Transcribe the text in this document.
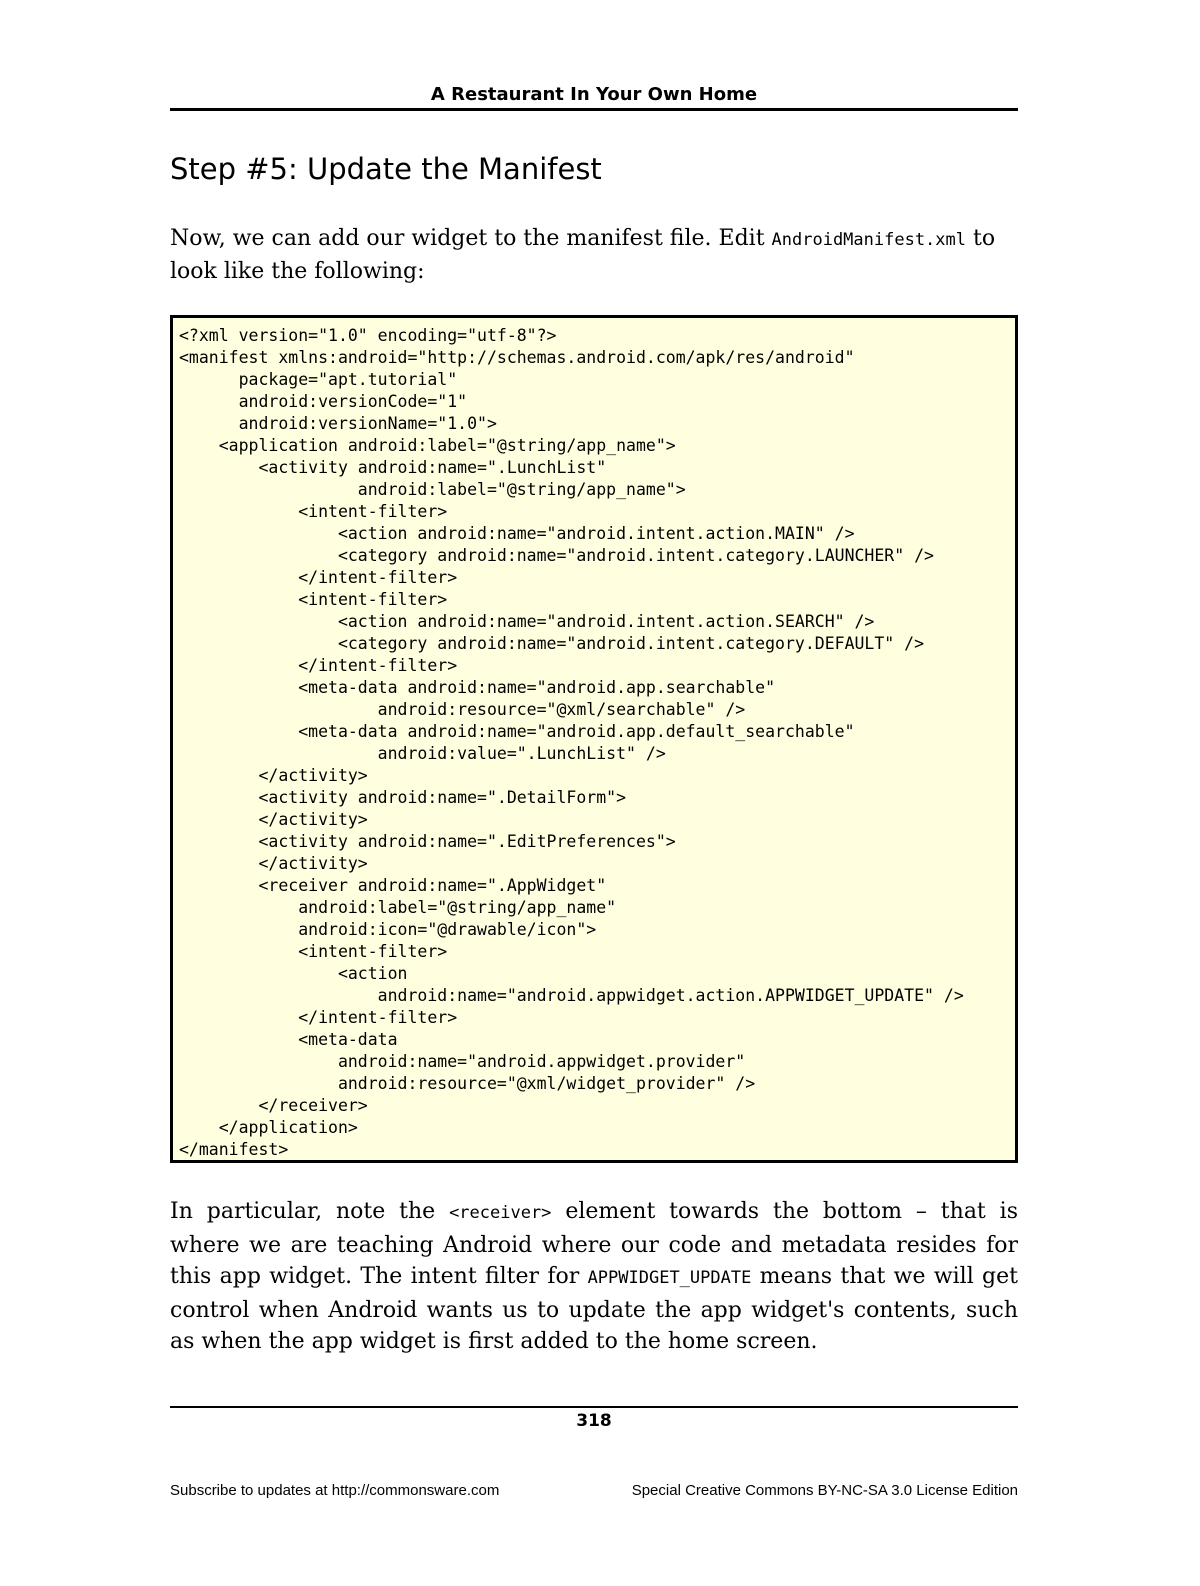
A Restaurant In Your Own Home
Step #5: Update the Manifest

Now, we can add our widget to the manifest file. Edit AndroidManifest.xml to look like the following:

<?xml version="1.0" encoding="utf-8"?>
<manifest xmlns:android="http://schemas.android.com/apk/res/android"
package="apt.tutorial"
android:versionCode="1"
android:versionName="1.0">
<application android:label="@string/app_name">
<activity android:name=".LunchList"
android:label="@string/app_name">
<intent-filter>
<action android:name="android.intent.action.MAIN" />
<category android:name="android.intent.category.LAUNCHER" />
</intent-filter>
<intent-filter>
<action android:name="android.intent.action.SEARCH" />
<category android:name="android.intent.category.DEFAULT" />
</intent-filter>
<meta-data android:name="android.app.searchable"
android:resource="@xml/searchable" />
<meta-data android:name="android.app.default_searchable"
android:value=".LunchList" />
</activity>
<activity android:name=".DetailForm">
</activity>
<activity android:name=".EditPreferences">
</activity>
<receiver android:name=".AppWidget"
android:label="@string/app_name"
android:icon="@drawable/icon">
<intent-filter>
<action
android:name="android.appwidget.action.APPWIDGET_UPDATE" />
</intent-filter>
<meta-data
android:name="android.appwidget.provider"
android:resource="@xml/widget_provider" />
</receiver>
</application>
</manifest>

In particular, note the <receiver> element towards the bottom – that is where we are teaching Android where our code and metadata resides for this app widget. The intent filter for APPWIDGET_UPDATE means that we will get control when Android wants us to update the app widget's contents, such as when the app widget is first added to the home screen.

318
Subscribe to updates at http://commonsware.com	Special Creative Commons BY-NC-SA 3.0 License Edition
